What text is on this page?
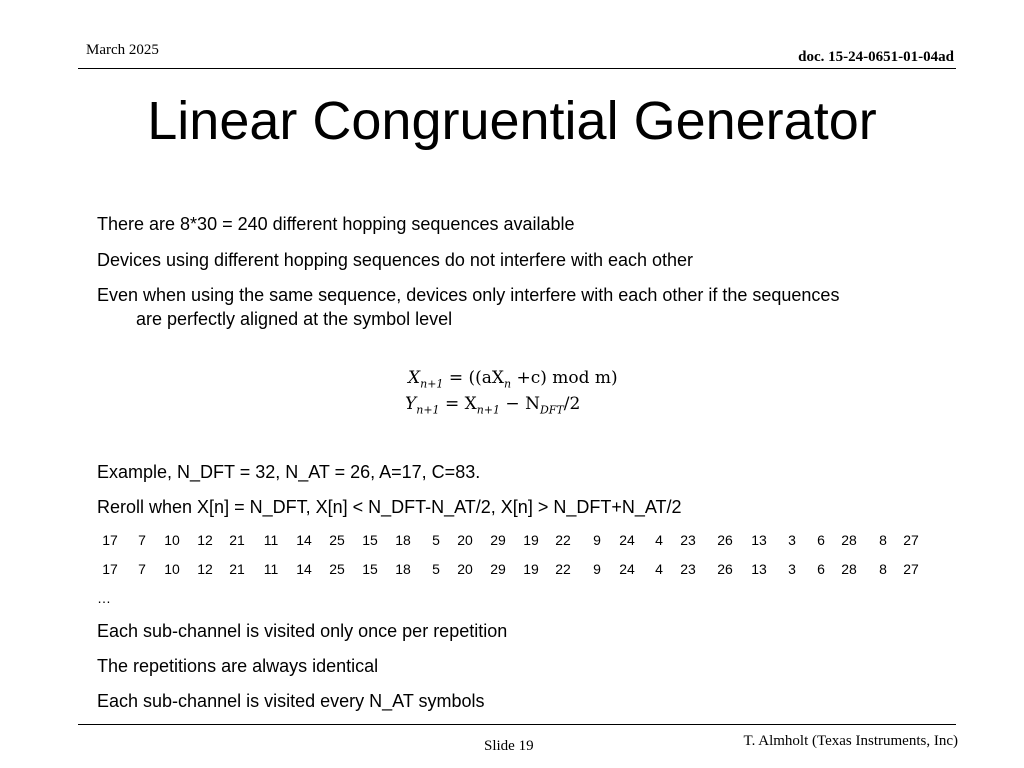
March 2025	doc. 15-24-0651-01-04ad
Linear Congruential Generator
There are 8*30 = 240 different hopping sequences available
Devices using different hopping sequences do not interfere with each other
Even when using the same sequence, devices only interfere with each other if the sequences
are perfectly aligned at the symbol level
$X_{n+1} = ((aX_n +c)$ mod m)
$Y_{n+1} = X_{n+1} - N_{DFT}/2$
Example, N_DFT = 32, N_AT = 26, A=17, C=83.
Reroll when X[n] = N_DFT, X[n] < N_DFT-N_AT/2, X[n] > N_DFT+N_AT/2
17	7	10	12	21	11	14	25	15	18	5	20	29	19	22	9	24	4	23	26	13	3	6	28	8	27
17	7	10	12	21	11	14	25	15	18	5	20	29	19	22	9	24	4	23	26	13	3	6	28	8	27
…
Each sub-channel is visited only once per repetition
The repetitions are always identical
Each sub-channel is visited every N_AT symbols
Slide 19	T. Almholt (Texas Instruments, Inc)
